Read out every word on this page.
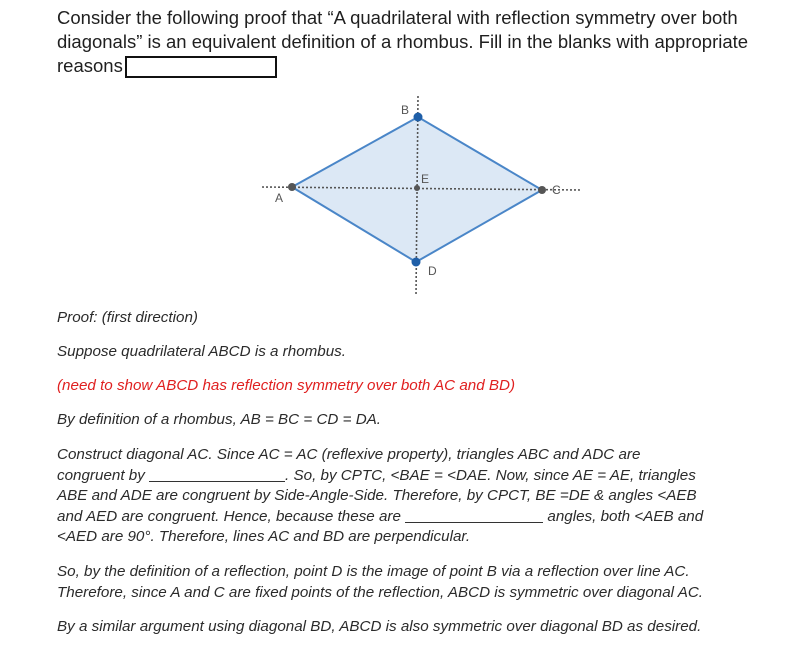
Consider the following proof that “A quadrilateral with reflection symmetry over both diagonals” is an equivalent definition of a rhombus. Fill in the blanks with appropriate reasons
A
B
C
D
E
Proof: (first direction)
Suppose quadrilateral ABCD is a rhombus.
(need to show ABCD has reflection symmetry over both AC and BD)
By definition of a rhombus, AB = BC = CD = DA.
Construct diagonal AC. Since AC = AC (reflexive property), triangles ABC and ADC are
congruent by	. So, by CPTC, <BAE = <DAE. Now, since AE = AE, triangles
ABE and ADE are congruent by Side-Angle-Side. Therefore, by CPCT, BE =DE & angles <AEB
and AED are congruent. Hence, because these are	angles, both <AEB and
<AED are 90°. Therefore, lines AC and BD are perpendicular.
So, by the definition of a reflection, point D is the image of point B via a reflection over line AC.
Therefore, since A and C are fixed points of the reflection, ABCD is symmetric over diagonal AC.
By a similar argument using diagonal BD, ABCD is also symmetric over diagonal BD as desired.
